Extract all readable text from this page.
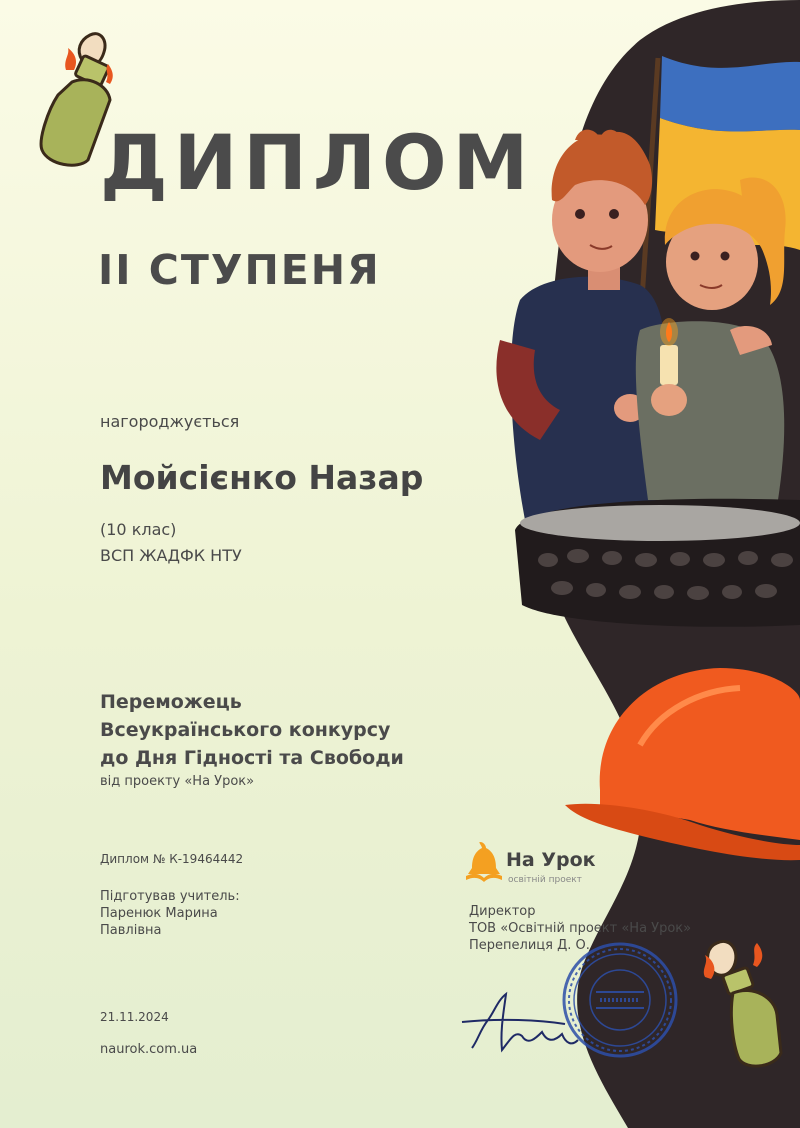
ДИПЛОМ
ІІ СТУПЕНЯ
нагороджується
Мойсієнко Назар
(10 клас)
ВСП ЖАДФК НТУ
Переможець
Всеукраїнського конкурсу
до Дня Гідності та Свободи
від проекту «На Урок»
Диплом № К-19464442
Підготував учитель:
Паренюк Марина
Павлівна
21.11.2024
naurok.com.ua
На Урок
освітній проект
Директор
ТОВ «Освітній проект «На Урок»
Перепелиця Д. О.
